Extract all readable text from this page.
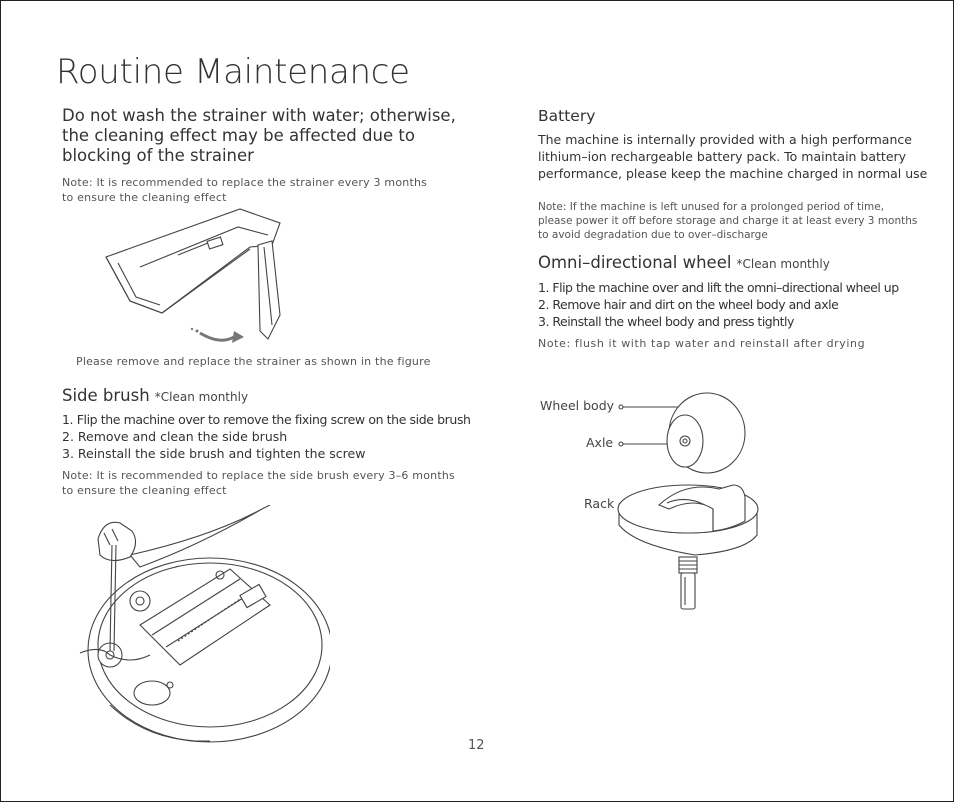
Routine Maintenance
Do not wash the strainer with water; otherwise,
the cleaning effect may be affected due to
blocking of the strainer
Note: It is recommended to replace the strainer every 3 months
to ensure the cleaning effect
Please remove and replace the strainer as shown in the figure
Side brush *Clean monthly
1. Flip the machine over to remove the fixing screw on the side brush
2. Remove and clean the side brush
3. Reinstall the side brush and tighten the screw
Note: It is recommended to replace the side brush every 3–6 months
to ensure the cleaning effect
Battery
The machine is internally provided with a high performance
lithium–ion rechargeable battery pack. To maintain battery
performance, please keep the machine charged in normal use
Note: If the machine is left unused for a prolonged period of time,
please power it off before storage and charge it at least every 3 months
to avoid degradation due to over–discharge
Omni–directional wheel *Clean monthly
1. Flip the machine over and lift the omni–directional wheel up
2. Remove hair and dirt on the wheel body and axle
3. Reinstall the wheel body and press tightly
Note: flush it with tap water and reinstall after drying
Wheel body
Axle
Rack
12
